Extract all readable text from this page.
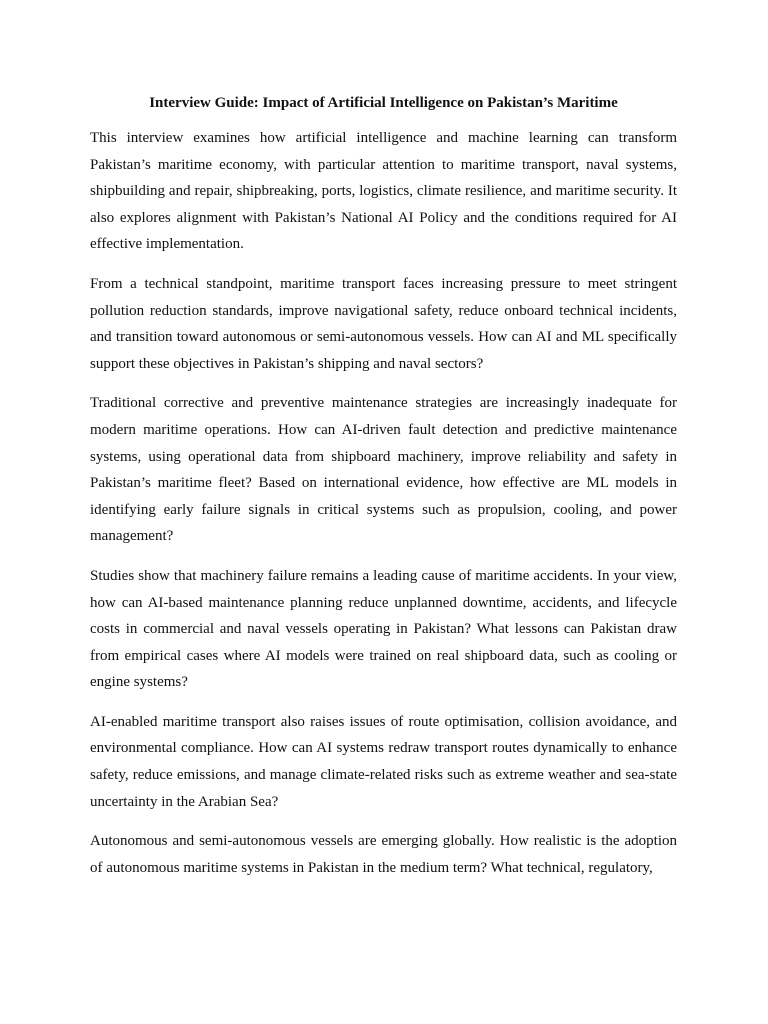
Interview Guide: Impact of Artificial Intelligence on Pakistan’s Maritime

This interview examines how artificial intelligence and machine learning can transform Pakistan’s maritime economy, with particular attention to maritime transport, naval systems, shipbuilding and repair, shipbreaking, ports, logistics, climate resilience, and maritime security. It also explores alignment with Pakistan’s National AI Policy and the conditions required for AI effective implementation.

From a technical standpoint, maritime transport faces increasing pressure to meet stringent pollution reduction standards, improve navigational safety, reduce onboard technical incidents, and transition toward autonomous or semi-autonomous vessels. How can AI and ML specifically support these objectives in Pakistan’s shipping and naval sectors?

Traditional corrective and preventive maintenance strategies are increasingly inadequate for modern maritime operations. How can AI-driven fault detection and predictive maintenance systems, using operational data from shipboard machinery, improve reliability and safety in Pakistan’s maritime fleet? Based on international evidence, how effective are ML models in identifying early failure signals in critical systems such as propulsion, cooling, and power management?

Studies show that machinery failure remains a leading cause of maritime accidents. In your view, how can AI-based maintenance planning reduce unplanned downtime, accidents, and lifecycle costs in commercial and naval vessels operating in Pakistan? What lessons can Pakistan draw from empirical cases where AI models were trained on real shipboard data, such as cooling or engine systems?

AI-enabled maritime transport also raises issues of route optimisation, collision avoidance, and environmental compliance. How can AI systems redraw transport routes dynamically to enhance safety, reduce emissions, and manage climate-related risks such as extreme weather and sea-state uncertainty in the Arabian Sea?

Autonomous and semi-autonomous vessels are emerging globally. How realistic is the adoption of autonomous maritime systems in Pakistan in the medium term? What technical, regulatory,
